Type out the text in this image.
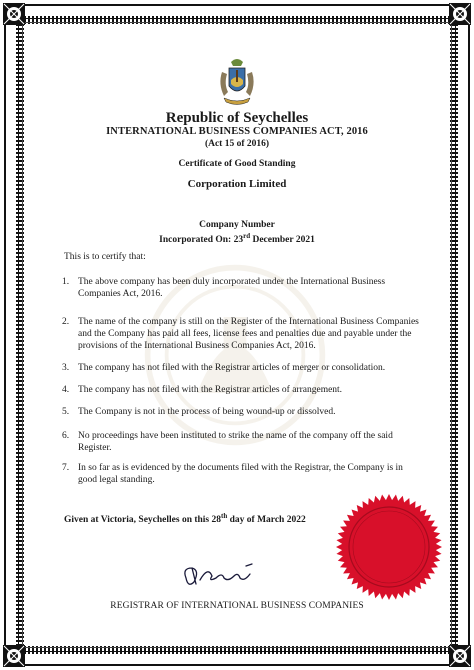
Republic of Seychelles
INTERNATIONAL BUSINESS COMPANIES ACT, 2016
(Act 15 of 2016)
Certificate of Good Standing
Corporation Limited
Company Number
Incorporated On: 23rd December 2021
This is to certify that:
1. The above company has been duly incorporated under the International Business Companies Act, 2016.
2. The name of the company is still on the Register of the International Business Companies and the Company has paid all fees, license fees and penalties due and payable under the provisions of the International Business Companies Act, 2016.
3. The company has not filed with the Registrar articles of merger or consolidation.
4. The company has not filed with the Registrar articles of arrangement.
5. The Company is not in the process of being wound-up or dissolved.
6. No proceedings have been instituted to strike the name of the company off the said Register.
7. In so far as is evidenced by the documents filed with the Registrar, the Company is in good legal standing.
Given at Victoria, Seychelles on this 28th day of March 2022
REGISTRAR OF INTERNATIONAL BUSINESS COMPANIES
